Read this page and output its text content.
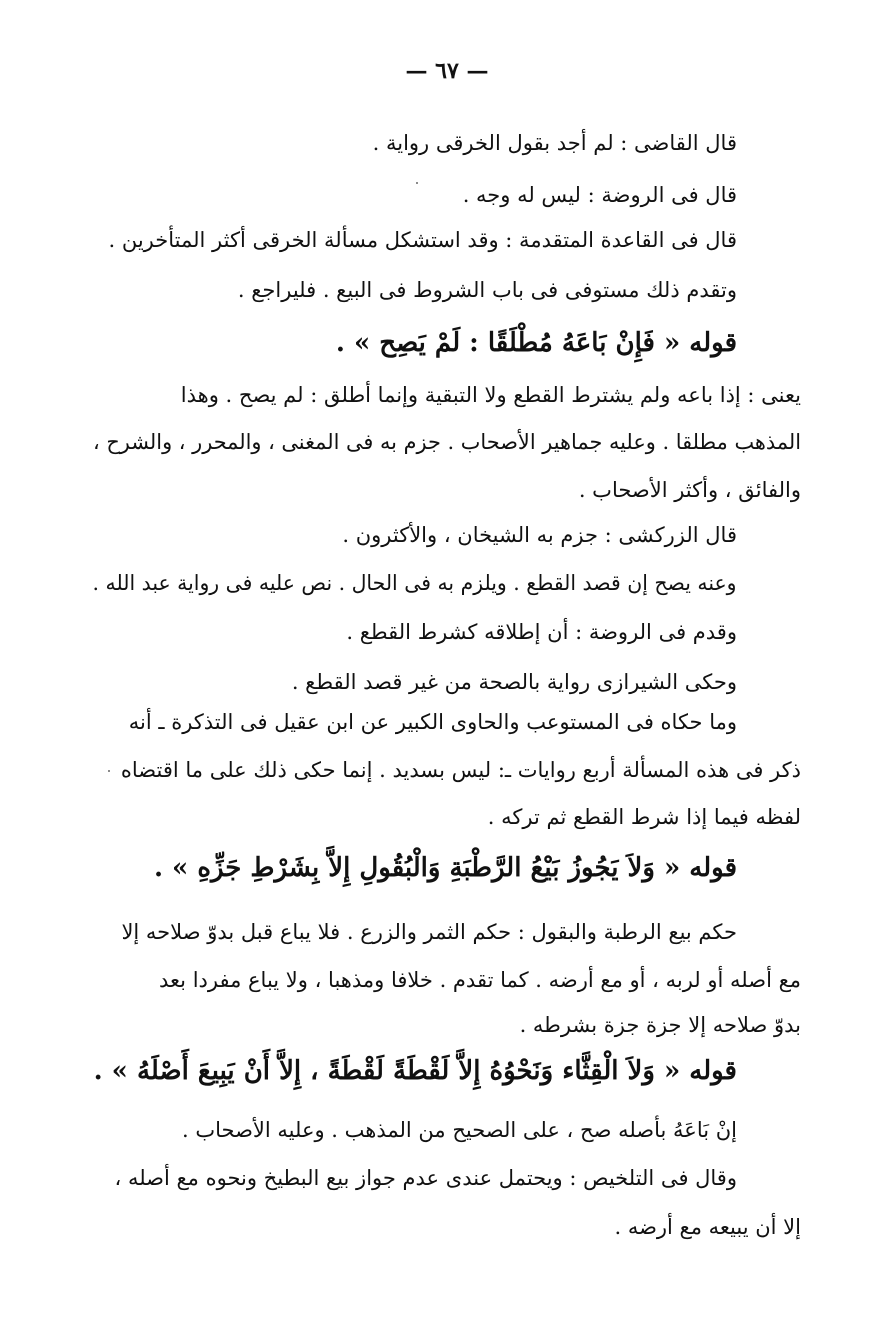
— ٦٧ —
قال القاضى : لم أجد بقول الخرقى رواية .
قال فى الروضة : ليس له وجه .
قال فى القاعدة المتقدمة : وقد استشكل مسألة الخرقى أكثر المتأخرين .
وتقدم ذلك مستوفى فى باب الشروط فى البيع . فليراجع .
قوله « فَإِنْ بَاعَهُ مُطْلَقًا : لَمْ يَصِح » .
يعنى : إذا باعه ولم يشترط القطع ولا التبقية وإنما أطلق : لم يصح . وهذا
المذهب مطلقا . وعليه جماهير الأصحاب . جزم به فى المغنى ، والمحرر ، والشرح ،
والفائق ، وأكثر الأصحاب .
قال الزركشى : جزم به الشيخان ، والأكثرون .
وعنه يصح إن قصد القطع . ويلزم به فى الحال . نص عليه فى رواية عبد الله .
وقدم فى الروضة : أن إطلاقه كشرط القطع .
وحكى الشيرازى رواية بالصحة من غير قصد القطع .
وما حكاه فى المستوعب والحاوى الكبير عن ابن عقيل فى التذكرة ـ أنه
ذكر فى هذه المسألة أربع روايات ـ: ليس بسديد . إنما حكى ذلك على ما اقتضاه
لفظه فيما إذا شرط القطع ثم تركه .
قوله « وَلاَ يَجُوزُ بَيْعُ الرَّطْبَةِ وَالْبُقُولِ إِلاَّ بِشَرْطِ جَزِّهِ » .
حكم بيع الرطبة والبقول : حكم الثمر والزرع . فلا يباع قبل بدوّ صلاحه إلا
مع أصله أو لربه ، أو مع أرضه . كما تقدم . خلافا ومذهبا ، ولا يباع مفردا بعد
بدوّ صلاحه إلا جزة جزة بشرطه .
قوله « وَلاَ الْقِثَّاء وَنَحْوُهُ إِلاَّ لَقْطَةً لَقْطَةً ، إِلاَّ أَنْ يَبِيعَ أَصْلَهُ » .
إنْ بَاعَهُ بأصله صح ، على الصحيح من المذهب . وعليه الأصحاب .
وقال فى التلخيص : ويحتمل عندى عدم جواز بيع البطيخ ونحوه مع أصله ،
إلا أن يبيعه مع أرضه .
